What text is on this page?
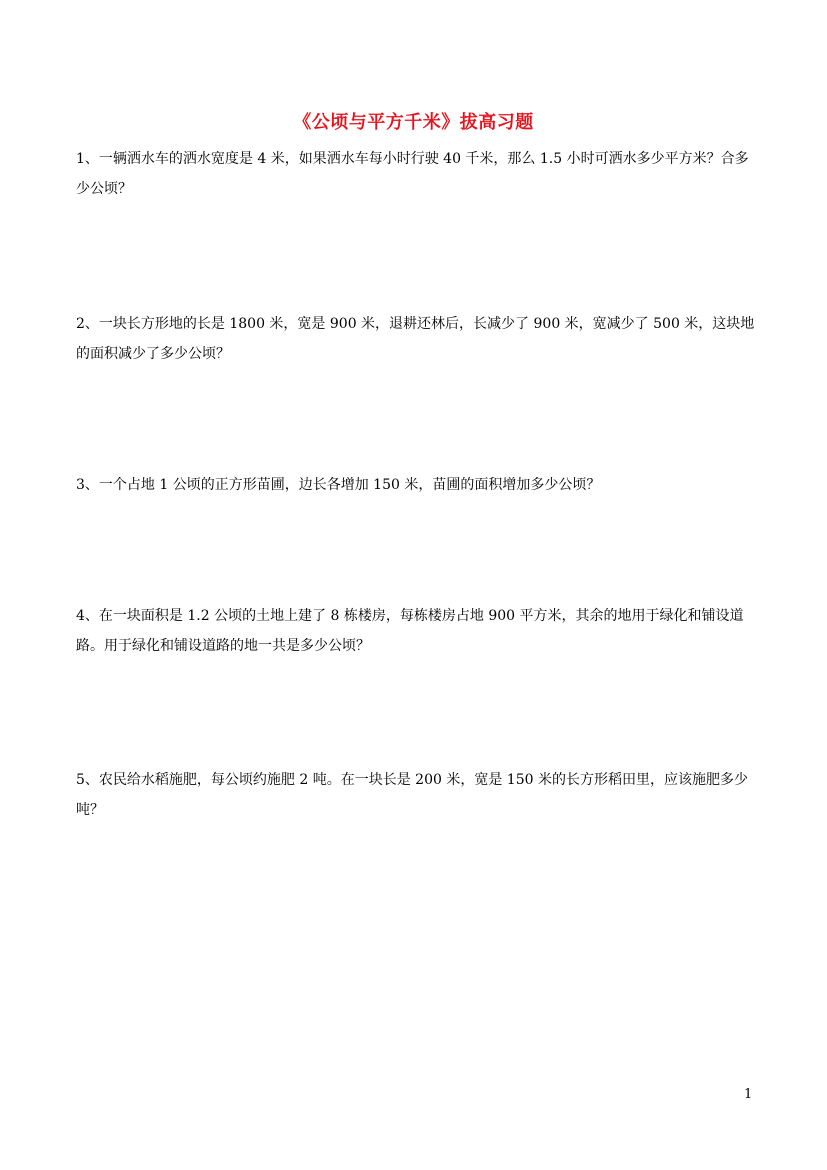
《公顷与平方千米》拔高习题

1、一辆洒水车的洒水宽度是 4 米，如果洒水车每小时行驶 40 千米，那么 1.5 小时可洒水多少平方米？合多少公顷？

2、一块长方形地的长是 1800 米，宽是 900 米，退耕还林后，长减少了 900 米，宽减少了 500 米，这块地的面积减少了多少公顷？

3、一个占地 1 公顷的正方形苗圃，边长各增加 150 米，苗圃的面积增加多少公顷？

4、在一块面积是 1.2 公顷的土地上建了 8 栋楼房，每栋楼房占地 900 平方米，其余的地用于绿化和铺设道路。用于绿化和铺设道路的地一共是多少公顷？

5、农民给水稻施肥，每公顷约施肥 2 吨。在一块长是 200 米，宽是 150 米的长方形稻田里，应该施肥多少吨？

1
